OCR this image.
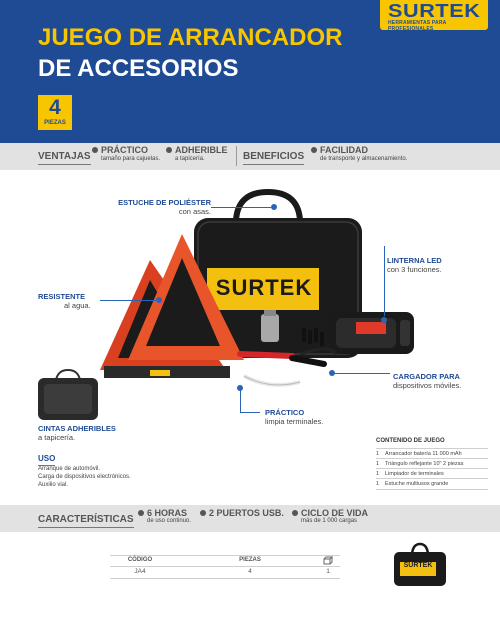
SURTEK
HERRAMIENTAS PARA PROFESIONALES
JUEGO DE ARRANCADOR
DE ACCESORIOS
4
PIEZAS
VENTAJAS
PRÁCTICO
tamaño para cajuelas.
ADHERIBLE
a tapicería.	BENEFICIOS
FACILIDAD
de transporte y almacenamiento.
SURTEK
ESTUCHE DE POLIÉSTER
con asas.
LINTERNA LED
con 3 funciones.
RESISTENTE
al agua.
CARGADOR PARA
dispositivos móviles.
PRÁCTICO
limpia terminales.
CINTAS ADHERIBLES
a tapicería.
USO
Arranque de automóvil.
Carga de dispositivos electrónicos.
Auxilio vial.
CONTENIDO DE JUEGO
1 Arrancador batería 11 000 mAh
1 Triángulo reflejante 10" 2 piezas
1 Limpiador de terminales
1 Estuche multiusos grande
CARACTERÍSTICAS
6 HORAS
de uso continuo.
2 PUERTOS USB. CICLO DE VIDA
más de 1 000 cargas
CÓDIGO	PIEZAS
JA4	4	1
SURTEK
